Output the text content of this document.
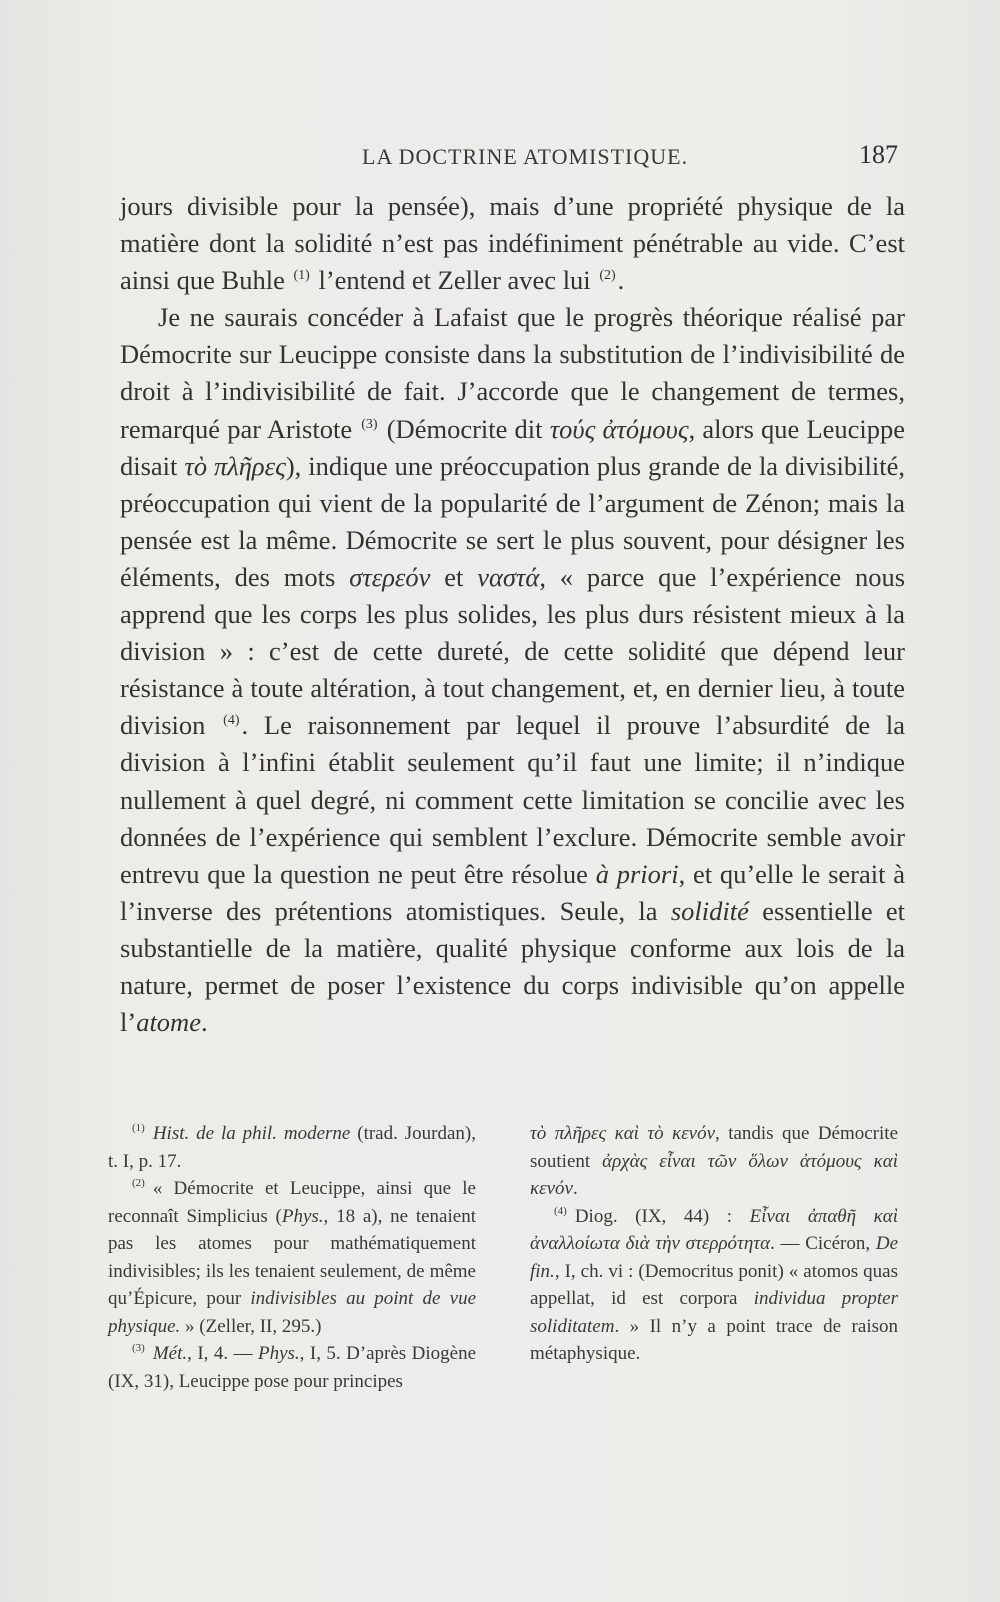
LA DOCTRINE ATOMISTIQUE.	187

jours divisible pour la pensée), mais d’une propriété physique de la matière dont la solidité n’est pas indéfiniment pénétrable au vide. C’est ainsi que Buhle $^{(1)}$ l’entend et Zeller avec lui $^{(2)}$.

Je ne saurais concéder à Lafaist que le progrès théorique réalisé par Démocrite sur Leucippe consiste dans la substitution de l’indivisibilité de droit à l’indivisibilité de fait. J’accorde que le changement de termes, remarqué par Aristote $^{(3)}$ (Démocrite dit τούς ἀτόμους, alors que Leucippe disait τὸ πλῆρες), indique une préoccupation plus grande de la divisibilité, préoccupation qui vient de la popularité de l’argument de Zénon; mais la pensée est la même. Démocrite se sert le plus souvent, pour désigner les éléments, des mots στερεόν et ναστά, « parce que l’expérience nous apprend que les corps les plus solides, les plus durs résistent mieux à la division » : c’est de cette dureté, de cette solidité que dépend leur résistance à toute altération, à tout changement, et, en dernier lieu, à toute division $^{(4)}$. Le raisonnement par lequel il prouve l’absurdité de la division à l’infini établit seulement qu’il faut une limite; il n’indique nullement à quel degré, ni comment cette limitation se concilie avec les données de l’expérience qui semblent l’exclure. Démocrite semble avoir entrevu que la question ne peut être résolue à priori, et qu’elle le serait à l’inverse des prétentions atomistiques. Seule, la solidité essentielle et substantielle de la matière, qualité physique conforme aux lois de la nature, permet de poser l’existence du corps indivisible qu’on appelle l’atome.

$^{(1)}$ Hist. de la phil. moderne (trad. Jourdan), t. I, p. 17.

$^{(2)}$ « Démocrite et Leucippe, ainsi que le reconnaît Simplicius (Phys., 18 a), ne tenaient pas les atomes pour mathématiquement indivisibles; ils les tenaient seulement, de même qu’Épicure, pour indivisibles au point de vue physique. » (Zeller, II, 295.)

$^{(3)}$ Mét., I, 4. — Phys., I, 5. D’après Diogène (IX, 31), Leucippe pose pour principes

τὸ πλῆρες καὶ τὸ κενόν, tandis que Démocrite soutient ἀρχὰς εἶναι τῶν ὅλων ἀτόμους καὶ κενόν.

$^{(4)}$ Diog. (IX, 44) : Εἶναι ἀπαθῆ καὶ ἀναλλοίωτα διὰ τὴν στερρότητα. — Cicéron, De fin., I, ch. vi : (Democritus ponit) « atomos quas appellat, id est corpora individua propter soliditatem. » Il n’y a point trace de raison métaphysique.
